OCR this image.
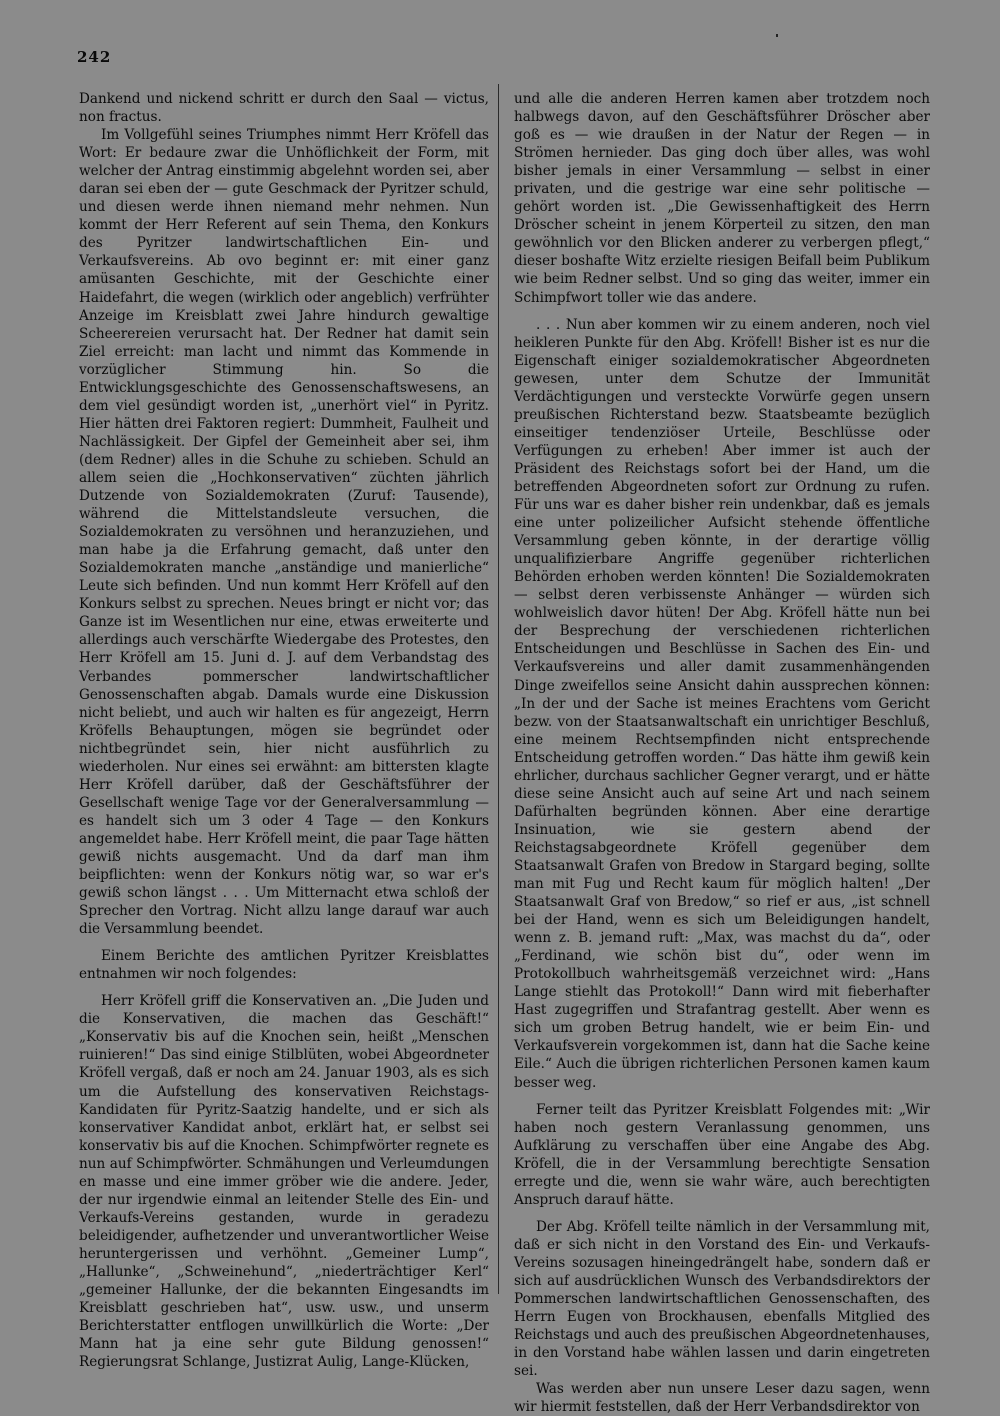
242

Dankend und nickend schritt er durch den Saal — victus, non fractus.

Im Vollgefühl seines Triumphes nimmt Herr Kröfell das Wort: Er bedaure zwar die Unhöflichkeit der Form, mit welcher der Antrag einstimmig abgelehnt worden sei, aber daran sei eben der — gute Geschmack der Pyritzer schuld, und diesen werde ihnen niemand mehr nehmen. Nun kommt der Herr Referent auf sein Thema, den Konkurs des Pyritzer landwirtschaftlichen Ein- und Verkaufsvereins. Ab ovo beginnt er: mit einer ganz amüsanten Geschichte, mit der Geschichte einer Haidefahrt, die wegen (wirklich oder angeblich) verfrühter Anzeige im Kreisblatt zwei Jahre hindurch gewaltige Scheerereien verursacht hat. Der Redner hat damit sein Ziel erreicht: man lacht und nimmt das Kommende in vorzüglicher Stimmung hin. So die Entwicklungsgeschichte des Genossenschaftswesens, an dem viel gesündigt worden ist, „unerhört viel“ in Pyritz. Hier hätten drei Faktoren regiert: Dummheit, Faulheit und Nachlässigkeit. Der Gipfel der Gemeinheit aber sei, ihm (dem Redner) alles in die Schuhe zu schieben. Schuld an allem seien die „Hochkonservativen“ züchten jährlich Dutzende von Sozialdemokraten (Zuruf: Tausende), während die Mittelstandsleute versuchen, die Sozialdemokraten zu versöhnen und heranzuziehen, und man habe ja die Erfahrung gemacht, daß unter den Sozialdemokraten manche „anständige und manierliche“ Leute sich befinden. Und nun kommt Herr Kröfell auf den Konkurs selbst zu sprechen. Neues bringt er nicht vor; das Ganze ist im Wesentlichen nur eine, etwas erweiterte und allerdings auch verschärfte Wiedergabe des Protestes, den Herr Kröfell am 15. Juni d. J. auf dem Verbandstag des Verbandes pommerscher landwirtschaftlicher Genossenschaften abgab. Damals wurde eine Diskussion nicht beliebt, und auch wir halten es für angezeigt, Herrn Kröfells Behauptungen, mögen sie begründet oder nichtbegründet sein, hier nicht ausführlich zu wiederholen. Nur eines sei erwähnt: am bittersten klagte Herr Kröfell darüber, daß der Geschäftsführer der Gesellschaft wenige Tage vor der Generalversammlung — es handelt sich um 3 oder 4 Tage — den Konkurs angemeldet habe. Herr Kröfell meint, die paar Tage hätten gewiß nichts ausgemacht. Und da darf man ihm beipflichten: wenn der Konkurs nötig war, so war er's gewiß schon längst . . . Um Mitternacht etwa schloß der Sprecher den Vortrag. Nicht allzu lange darauf war auch die Versammlung beendet.

Einem Berichte des amtlichen Pyritzer Kreisblattes entnahmen wir noch folgendes:

Herr Kröfell griff die Konservativen an. „Die Juden und die Konservativen, die machen das Geschäft!“ „Konservativ bis auf die Knochen sein, heißt „Menschen ruinieren!“ Das sind einige Stilblüten, wobei Abgeordneter Kröfell vergaß, daß er noch am 24. Januar 1903, als es sich um die Aufstellung des konservativen Reichstags-Kandidaten für Pyritz-Saatzig handelte, und er sich als konservativer Kandidat anbot, erklärt hat, er selbst sei konservativ bis auf die Knochen. Schimpfwörter regnete es nun auf Schimpfwörter. Schmähungen und Verleumdungen en masse und eine immer gröber wie die andere. Jeder, der nur irgendwie einmal an leitender Stelle des Ein- und Verkaufs-Vereins gestanden, wurde in geradezu beleidigender, aufhetzender und unverantwortlicher Weise heruntergerissen und verhöhnt. „Gemeiner Lump“, „Hallunke“, „Schweinehund“, „niederträchtiger Kerl“ „gemeiner Hallunke, der die bekannten Eingesandts im Kreisblatt geschrieben hat“, usw. usw., und unserm Berichterstatter entflogen unwillkürlich die Worte: „Der Mann hat ja eine sehr gute Bildung genossen!“ Regierungsrat Schlange, Justizrat Aulig, Lange-Klücken,

und alle die anderen Herren kamen aber trotzdem noch halbwegs davon, auf den Geschäftsführer Dröscher aber goß es — wie draußen in der Natur der Regen — in Strömen hernieder. Das ging doch über alles, was wohl bisher jemals in einer Versammlung — selbst in einer privaten, und die gestrige war eine sehr politische — gehört worden ist. „Die Gewissenhaftigkeit des Herrn Dröscher scheint in jenem Körperteil zu sitzen, den man gewöhnlich vor den Blicken anderer zu verbergen pflegt,“ dieser boshafte Witz erzielte riesigen Beifall beim Publikum wie beim Redner selbst. Und so ging das weiter, immer ein Schimpfwort toller wie das andere.

. . . Nun aber kommen wir zu einem anderen, noch viel heikleren Punkte für den Abg. Kröfell! Bisher ist es nur die Eigenschaft einiger sozialdemokratischer Abgeordneten gewesen, unter dem Schutze der Immunität Verdächtigungen und versteckte Vorwürfe gegen unsern preußischen Richterstand bezw. Staatsbeamte bezüglich einseitiger tendenziöser Urteile, Beschlüsse oder Verfügungen zu erheben! Aber immer ist auch der Präsident des Reichstags sofort bei der Hand, um die betreffenden Abgeordneten sofort zur Ordnung zu rufen. Für uns war es daher bisher rein undenkbar, daß es jemals eine unter polizeilicher Aufsicht stehende öffentliche Versammlung geben könnte, in der derartige völlig unqualifizierbare Angriffe gegenüber richterlichen Behörden erhoben werden könnten! Die Sozialdemokraten — selbst deren verbissenste Anhänger — würden sich wohlweislich davor hüten! Der Abg. Kröfell hätte nun bei der Besprechung der verschiedenen richterlichen Entscheidungen und Beschlüsse in Sachen des Ein- und Verkaufsvereins und aller damit zusammenhängenden Dinge zweifellos seine Ansicht dahin aussprechen können: „In der und der Sache ist meines Erachtens vom Gericht bezw. von der Staatsanwaltschaft ein unrichtiger Beschluß, eine meinem Rechtsempfinden nicht entsprechende Entscheidung getroffen worden.“ Das hätte ihm gewiß kein ehrlicher, durchaus sachlicher Gegner verargt, und er hätte diese seine Ansicht auch auf seine Art und nach seinem Dafürhalten begründen können. Aber eine derartige Insinuation, wie sie gestern abend der Reichstagsabgeordnete Kröfell gegenüber dem Staatsanwalt Grafen von Bredow in Stargard beging, sollte man mit Fug und Recht kaum für möglich halten! „Der Staatsanwalt Graf von Bredow,“ so rief er aus, „ist schnell bei der Hand, wenn es sich um Beleidigungen handelt, wenn z. B. jemand ruft: „Max, was machst du da“, oder „Ferdinand, wie schön bist du“, oder wenn im Protokollbuch wahrheitsgemäß verzeichnet wird: „Hans Lange stiehlt das Protokoll!“ Dann wird mit fieberhafter Hast zugegriffen und Strafantrag gestellt. Aber wenn es sich um groben Betrug handelt, wie er beim Ein- und Verkaufsverein vorgekommen ist, dann hat die Sache keine Eile.“ Auch die übrigen richterlichen Personen kamen kaum besser weg.

Ferner teilt das Pyritzer Kreisblatt Folgendes mit: „Wir haben noch gestern Veranlassung genommen, uns Aufklärung zu verschaffen über eine Angabe des Abg. Kröfell, die in der Versammlung berechtigte Sensation erregte und die, wenn sie wahr wäre, auch berechtigten Anspruch darauf hätte.

Der Abg. Kröfell teilte nämlich in der Versammlung mit, daß er sich nicht in den Vorstand des Ein- und Verkaufs-Vereins sozusagen hineingedrängelt habe, sondern daß er sich auf ausdrücklichen Wunsch des Verbandsdirektors der Pommerschen landwirtschaftlichen Genossenschaften, des Herrn Eugen von Brockhausen, ebenfalls Mitglied des Reichstags und auch des preußischen Abgeordnetenhauses, in den Vorstand habe wählen lassen und darin eingetreten sei.

Was werden aber nun unsere Leser dazu sagen, wenn wir hiermit feststellen, daß der Herr Verbandsdirektor von
